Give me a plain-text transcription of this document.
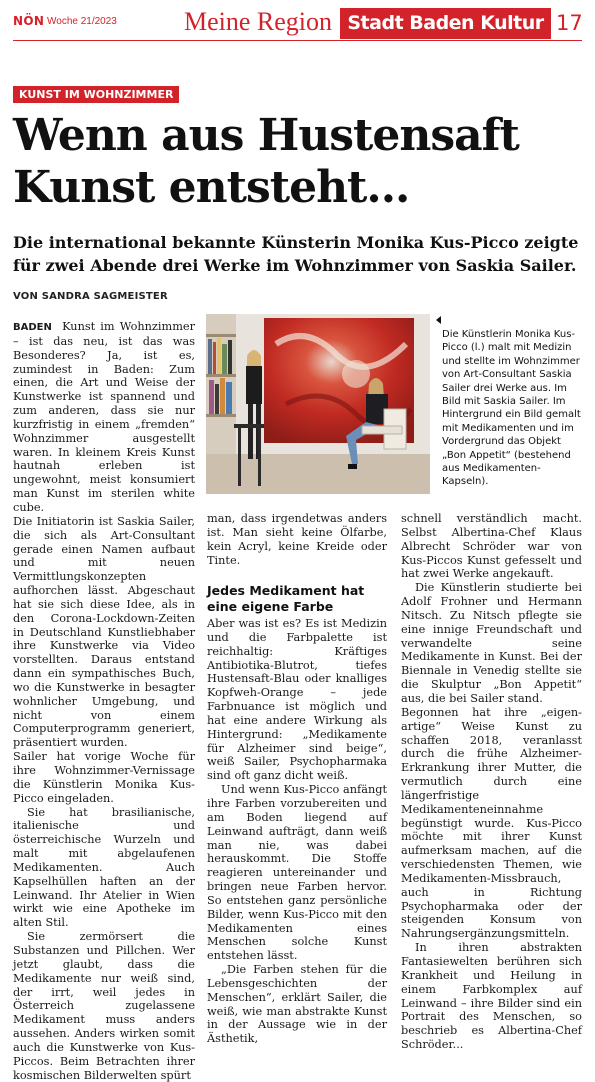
NÖN Woche 21/2023	Meine Region Stadt Baden Kultur 17
KUNST IM WOHNZIMMER
Wenn aus Hustensaft Kunst entsteht...
Die international bekannte Künsterin Monika Kus-Picco zeigte für zwei Abende drei Werke im Wohnzimmer von Saskia Sailer.
VON SANDRA SAGMEISTER
Die Künstlerin Monika Kus-Picco (l.) malt mit Medizin und stellte im Wohnzimmer von Art-Consultant Saskia Sailer drei Werke aus. Im Bild mit Saskia Sailer. Im Hintergrund ein Bild gemalt mit Medikamenten und im Vordergrund das Objekt „Bon Appetit“ (bestehend aus Medikamenten-Kapseln).

BADEN Kunst im Wohnzimmer – ist das neu, ist das was Besonderes? Ja, ist es, zumindest in Baden: Zum einen, die Art und Weise der Kunstwerke ist spannend und zum anderen, dass sie nur kurzfristig in einem „fremden“ Wohnzimmer ausgestellt waren. In kleinem Kreis Kunst hautnah erleben ist ungewohnt, meist konsumiert man Kunst im sterilen white cube.

Die Initiatorin ist Saskia Sailer, die sich als Art-Consultant gerade einen Namen aufbaut und mit neuen Vermittlungskonzepten aufhorchen lässt. Abgeschaut hat sie sich diese Idee, als in den Corona-Lockdown-Zeiten in Deutschland Kunstliebhaber ihre Kunstwerke via Video vorstellten. Daraus entstand dann ein sympathisches Buch, wo die Kunstwerke in besagter wohnlicher Umgebung, und nicht von einem Computerprogramm generiert, präsentiert wurden.

Sailer hat vorige Woche für ihre Wohnzimmer-Vernissage die Künstlerin Monika Kus-Picco eingeladen.

Sie hat brasilianische, italienische und österreichische Wurzeln und malt mit abgelaufenen Medikamenten. Auch Kapselhüllen haften an der Leinwand. Ihr Atelier in Wien wirkt wie eine Apotheke im alten Stil.

Sie zermörsert die Substanzen und Pillchen. Wer jetzt glaubt, dass die Medikamente nur weiß sind, der irrt, weil jedes in Österreich zugelassene Medikament muss anders aussehen. Anders wirken somit auch die Kunstwerke von Kus-Piccos. Beim Betrachten ihrer kosmischen Bilderwelten spürt

man, dass irgendetwas anders ist. Man sieht keine Ölfarbe, kein Acryl, keine Kreide oder Tinte.

Jedes Medikament hat eine eigene Farbe

Aber was ist es? Es ist Medizin und die Farbpalette ist reichhaltig: Kräftiges Antibiotika-Blutrot, tiefes Hustensaft-Blau oder knalliges Kopfweh-Orange – jede Farbnuance ist möglich und hat eine andere Wirkung als Hintergrund: „Medikamente für Alzheimer sind beige“, weiß Sailer, Psychopharmaka sind oft ganz dicht weiß.

Und wenn Kus-Picco anfängt ihre Farben vorzubereiten und am Boden liegend auf Leinwand aufträgt, dann weiß man nie, was dabei herauskommt. Die Stoffe reagieren untereinander und bringen neue Farben hervor. So entstehen ganz persönliche Bilder, wenn Kus-Picco mit den Medikamenten eines Menschen solche Kunst entstehen lässt.

„Die Farben stehen für die Lebensgeschichten der Menschen“, erklärt Sailer, die weiß, wie man abstrakte Kunst in der Aussage wie in der Ästhetik,

schnell verständlich macht. Selbst Albertina-Chef Klaus Albrecht Schröder war von Kus-Piccos Kunst gefesselt und hat zwei Werke angekauft.

Die Künstlerin studierte bei Adolf Frohner und Hermann Nitsch. Zu Nitsch pflegte sie eine innige Freundschaft und verwandelte seine Medikamente in Kunst. Bei der Biennale in Venedig stellte sie die Skulptur „Bon Appetit“ aus, die bei Sailer stand.

Begonnen hat ihre „eigen-artige“ Weise Kunst zu schaffen 2018, veranlasst durch die frühe Alzheimer-Erkrankung ihrer Mutter, die vermutlich durch eine längerfristige Medikamenteneinnahme begünstigt wurde. Kus-Picco möchte mit ihrer Kunst aufmerksam machen, auf die verschiedensten Themen, wie Medikamenten-Missbrauch, auch in Richtung Psychopharmaka oder der steigenden Konsum von Nahrungsergänzungsmitteln.

In ihren abstrakten Fantasiewelten berühren sich Krankheit und Heilung in einem Farbkomplex auf Leinwand – ihre Bilder sind ein Portrait des Menschen, so beschrieb es Albertina-Chef Schröder...
